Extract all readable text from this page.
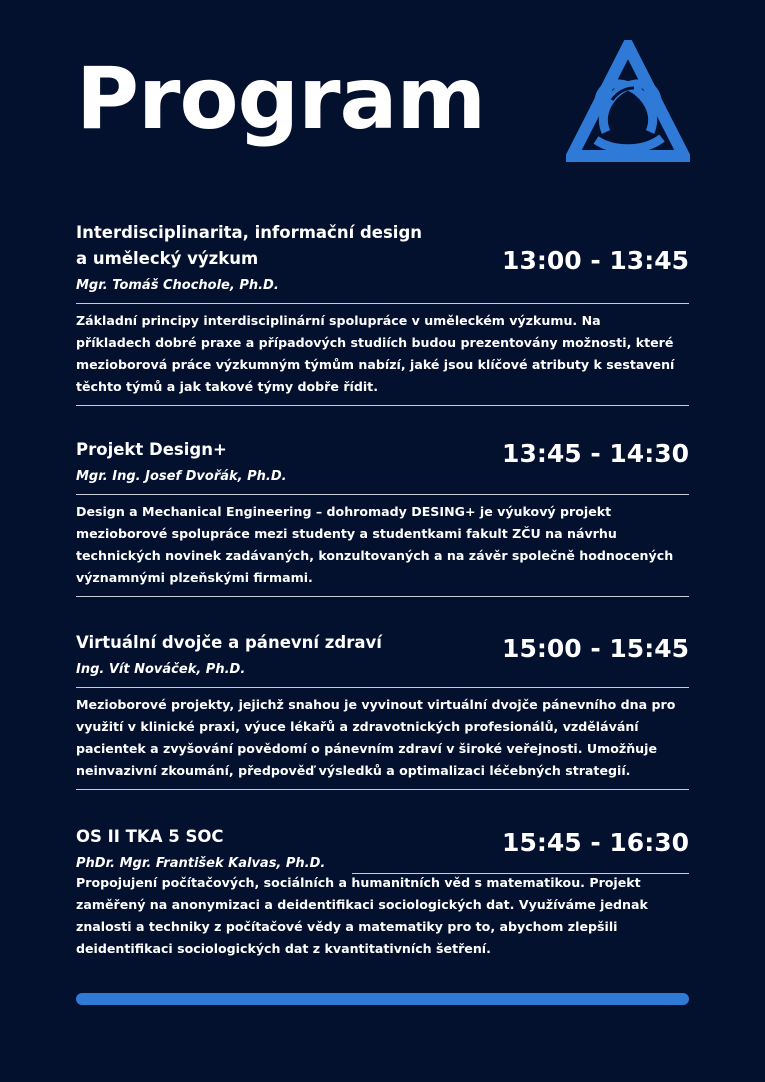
Program
Interdisciplinarita, informační design
a umělecký výzkum	13:00 - 13:45
Mgr. Tomáš Chochole, Ph.D.
Základní principy interdisciplinární spolupráce v uměleckém výzkumu. Na
příkladech dobré praxe a případových studiích budou prezentovány možnosti, které
mezioborová práce výzkumným týmům nabízí, jaké jsou klíčové atributy k sestavení
těchto týmů a jak takové týmy dobře řídit.
Projekt Design+	13:45 - 14:30
Mgr. Ing. Josef Dvořák, Ph.D.
Design a Mechanical Engineering – dohromady DESING+ je výukový projekt
mezioborové spolupráce mezi studenty a studentkami fakult ZČU na návrhu
technických novinek zadávaných, konzultovaných a na závěr společně hodnocených
významnými plzeňskými firmami.
Virtuální dvojče a pánevní zdraví	15:00 - 15:45
Ing. Vít Nováček, Ph.D.
Mezioborové projekty, jejichž snahou je vyvinout virtuální dvojče pánevního dna pro
využití v klinické praxi, výuce lékařů a zdravotnických profesionálů, vzdělávání
pacientek a zvyšování povědomí o pánevním zdraví v široké veřejnosti. Umožňuje
neinvazivní zkoumání, předpověď výsledků a optimalizaci léčebných strategií.
OS II TKA 5 SOC	15:45 - 16:30
PhDr. Mgr. František Kalvas, Ph.D.
Propojujení počítačových, sociálních a humanitních věd s matematikou. Projekt
zaměřený na anonymizaci a deidentifikaci sociologických dat. Využíváme jednak
znalosti a techniky z počítačové vědy a matematiky pro to, abychom zlepšili
deidentifikaci sociologických dat z kvantitativních šetření.
